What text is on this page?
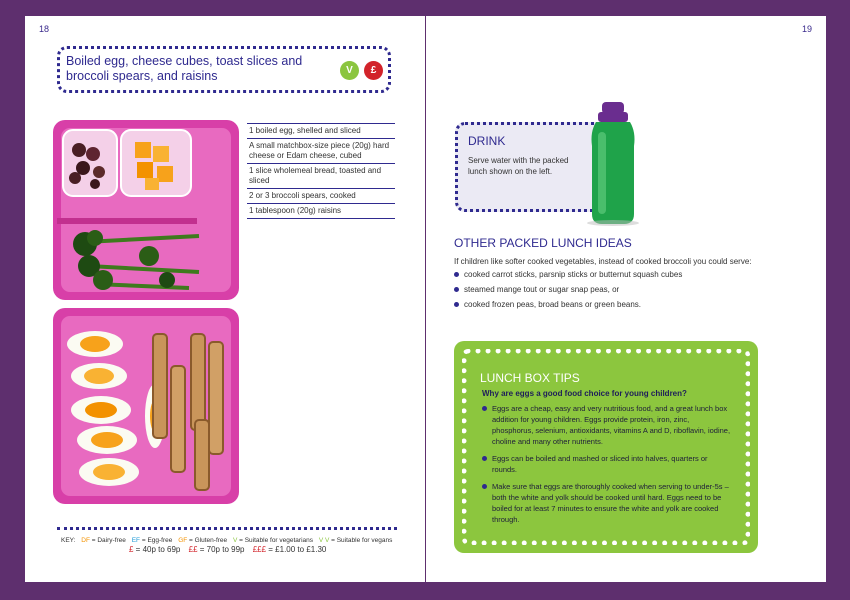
18
Boiled egg, cheese cubes, toast slices and broccoli spears, and raisins	V	£
1 boiled egg, shelled and sliced
A small matchbox-size piece (20g) hard cheese or Edam cheese, cubed
1 slice wholemeal bread, toasted and sliced
2 or 3 broccoli spears, cooked
1 tablespoon (20g) raisins
KEY: DF = Dairy-free EF = Egg-free GF = Gluten-free V = Suitable for vegetarians V V = Suitable for vegans
£ = 40p to 69p ££ = 70p to 99p £££ = £1.00 to £1.30
19
DRINK
Serve water with the packed lunch shown on the left.
OTHER PACKED LUNCH IDEAS
If children like softer cooked vegetables, instead of cooked broccoli you could serve:
cooked carrot sticks, parsnip sticks or butternut squash cubes
steamed mange tout or sugar snap peas, or
cooked frozen peas, broad beans or green beans.
LUNCH BOX TIPS
Why are eggs a good food choice for young children?
Eggs are a cheap, easy and very nutritious food, and a great lunch box addition for young children. Eggs provide protein, iron, zinc, phosphorus, selenium, antioxidants, vitamins A and D, riboflavin, iodine, choline and many other nutrients.
Eggs can be boiled and mashed or sliced into halves, quarters or rounds.
Make sure that eggs are thoroughly cooked when serving to under-5s – both the white and yolk should be cooked until hard. Eggs need to be boiled for at least 7 minutes to ensure the white and yolk are cooked through.
